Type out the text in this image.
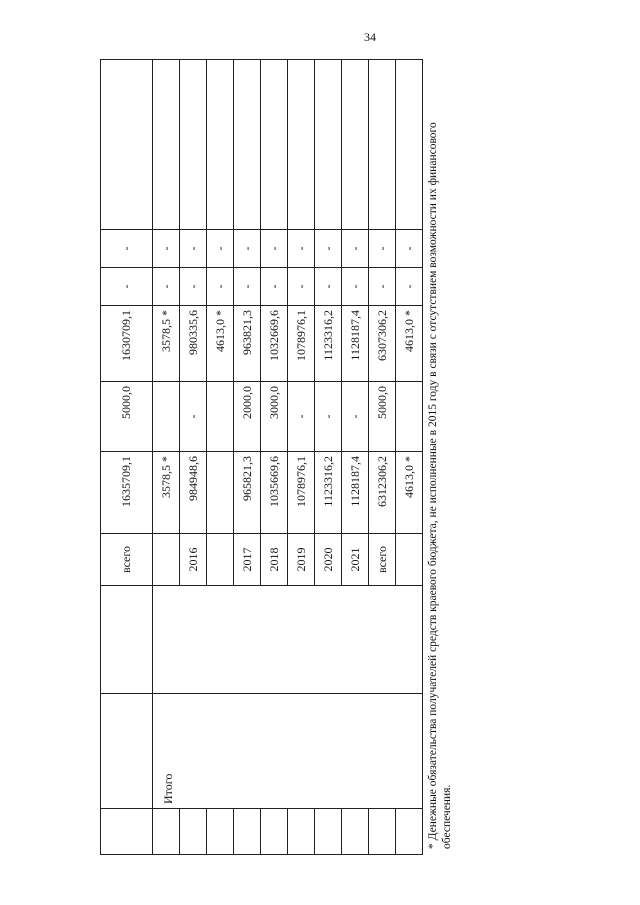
34
			всего	1635709,1	5000,0	1630709,1	-	-	
	Итого			3578,5 *		3578,5 *	-	-	
			2016	984948,6	-	980335,6	-	-	
						4613,0 *	-	-	
			2017	965821,3	2000,0	963821,3	-	-	
			2018	1035669,6	3000,0	1032669,6	-	-	
			2019	1078976,1	-	1078976,1	-	-	
			2020	1123316,2	-	1123316,2	-	-	
			2021	1128187,4	-	1128187,4	-	-	
			всего	6312306,2	5000,0	6307306,2	-	-	
				4613,0 *		4613,0 *	-	-	* Денежные обязательства получателей средств краевого бюджета, не исполненные в 2015 году в связи с отсутствием возможности их финансового обеспечения.
